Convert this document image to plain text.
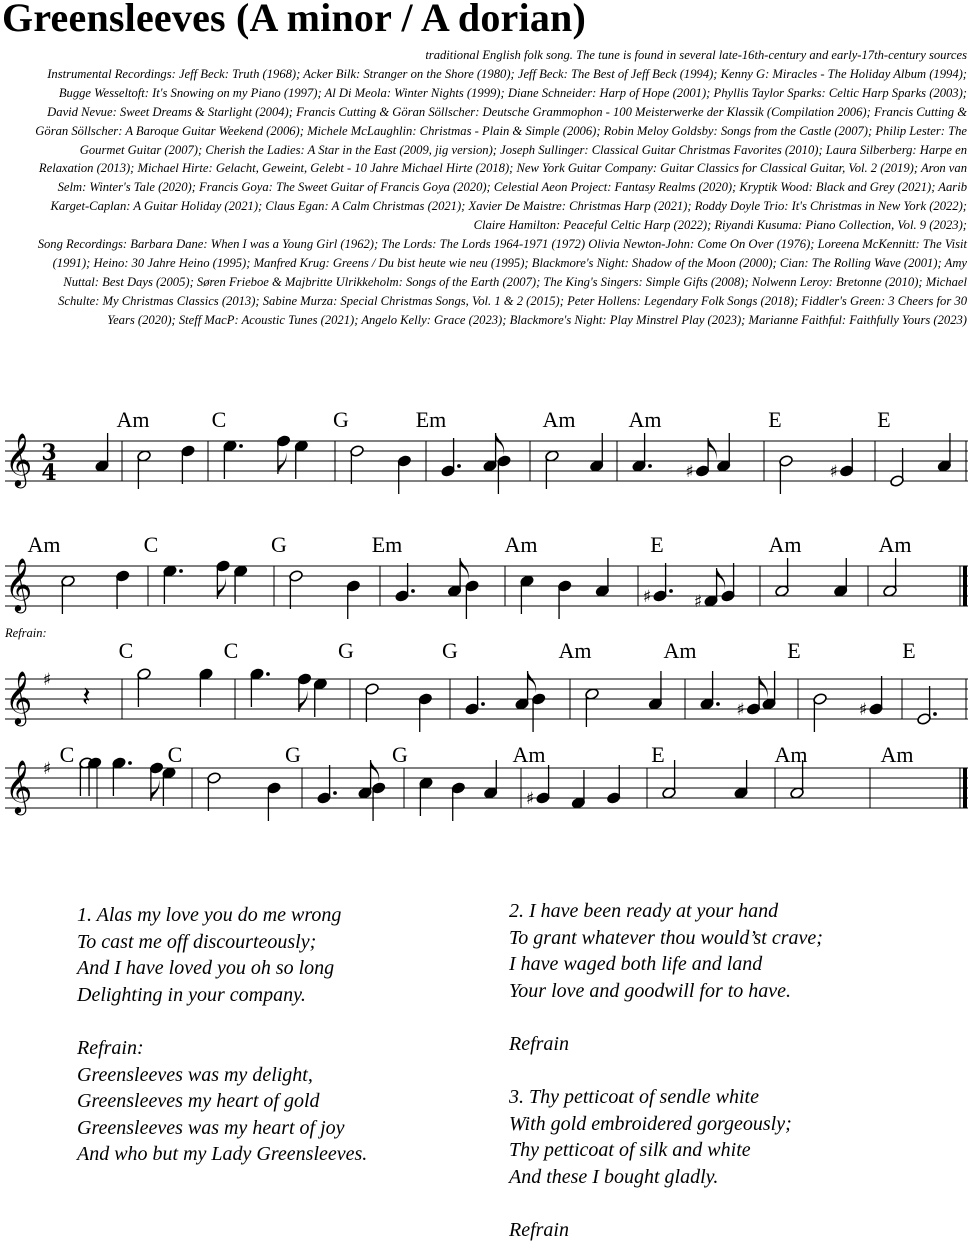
Greensleeves (A minor / A dorian)

traditional English folk song. The tune is found in several late-16th-century and early-17th-century sources

Instrumental Recordings: Jeff Beck: Truth (1968); Acker Bilk: Stranger on the Shore (1980); Jeff Beck: The Best of Jeff Beck (1994); Kenny G: Miracles - The Holiday Album (1994); Bugge Wesseltoft: It's Snowing on my Piano (1997); Al Di Meola: Winter Nights (1999); Diane Schneider: Harp of Hope (2001); Phyllis Taylor Sparks: Celtic Harp Sparks (2003); David Nevue: Sweet Dreams & Starlight (2004); Francis Cutting & Göran Söllscher: Deutsche Grammophon - 100 Meisterwerke der Klassik (Compilation 2006); Francis Cutting & Göran Söllscher: A Baroque Guitar Weekend (2006); Michele McLaughlin: Christmas - Plain & Simple (2006); Robin Meloy Goldsby: Songs from the Castle (2007); Philip Lester: The Gourmet Guitar (2007); Cherish the Ladies: A Star in the East (2009, jig version); Joseph Sullinger: Classical Guitar Christmas Favorites (2010); Laura Silberberg: Harpe en Relaxation (2013); Michael Hirte: Gelacht, Geweint, Gelebt - 10 Jahre Michael Hirte (2018); New York Guitar Company: Guitar Classics for Classical Guitar, Vol. 2 (2019); Aron van Selm: Winter's Tale (2020); Francis Goya: The Sweet Guitar of Francis Goya (2020); Celestial Aeon Project: Fantasy Realms (2020); Kryptik Wood: Black and Grey (2021); Aarib Karget-Caplan: A Guitar Holiday (2021); Claus Egan: A Calm Christmas (2021); Xavier De Maistre: Christmas Harp (2021); Roddy Doyle Trio: It's Christmas in New York (2022); Claire Hamilton: Peaceful Celtic Harp (2022); Riyandi Kusuma: Piano Collection, Vol. 9 (2023);

Song Recordings: Barbara Dane: When I was a Young Girl (1962); The Lords: The Lords 1964-1971 (1972) Olivia Newton-John: Come On Over (1976); Loreena McKennitt: The Visit (1991); Heino: 30 Jahre Heino (1995); Manfred Krug: Greens / Du bist heute wie neu (1995); Blackmore's Night: Shadow of the Moon (2000); Cian: The Rolling Wave (2001); Amy Nuttal: Best Days (2005); Søren Frieboe & Majbritte Ulrikkeholm: Songs of the Earth (2007); The King's Singers: Simple Gifts (2008); Nolwenn Leroy: Bretonne (2010); Michael Schulte: My Christmas Classics (2013); Sabine Murza: Special Christmas Songs, Vol. 1 & 2 (2015); Peter Hollens: Legendary Folk Songs (2018); Fiddler's Green: 3 Cheers for 30 Years (2020); Steff MacP: Acoustic Tunes (2021); Angelo Kelly: Grace (2023); Blackmore's Night: Play Minstrel Play (2023); Marianne Faithful: Faithfully Yours (2023)

𝄞 3
4
Am	C	G	Em	Am Am	E	E
♯	♯
𝄞
Am	C	G	Em	Am	E	Am	Am
♯	♯
𝄞 ♯
Refrain:
C	C	G	G	Am	Am	E	E
𝄽	♯	♯
𝄞 ♯
C	C	G	G	Am	E	Am	Am
♯
1. Alas my love you do me wrong
To cast me off discourteously;
And I have loved you oh so long
Delighting in your company.
Refrain:
Greensleeves was my delight,
Greensleeves my heart of gold
Greensleeves was my heart of joy
And who but my Lady Greensleeves.
2. I have been ready at your hand
To grant whatever thou would’st crave;
I have waged both life and land
Your love and goodwill for to have.
Refrain
3. Thy petticoat of sendle white
With gold embroidered gorgeously;
Thy petticoat of silk and white
And these I bought gladly.
Refrain
